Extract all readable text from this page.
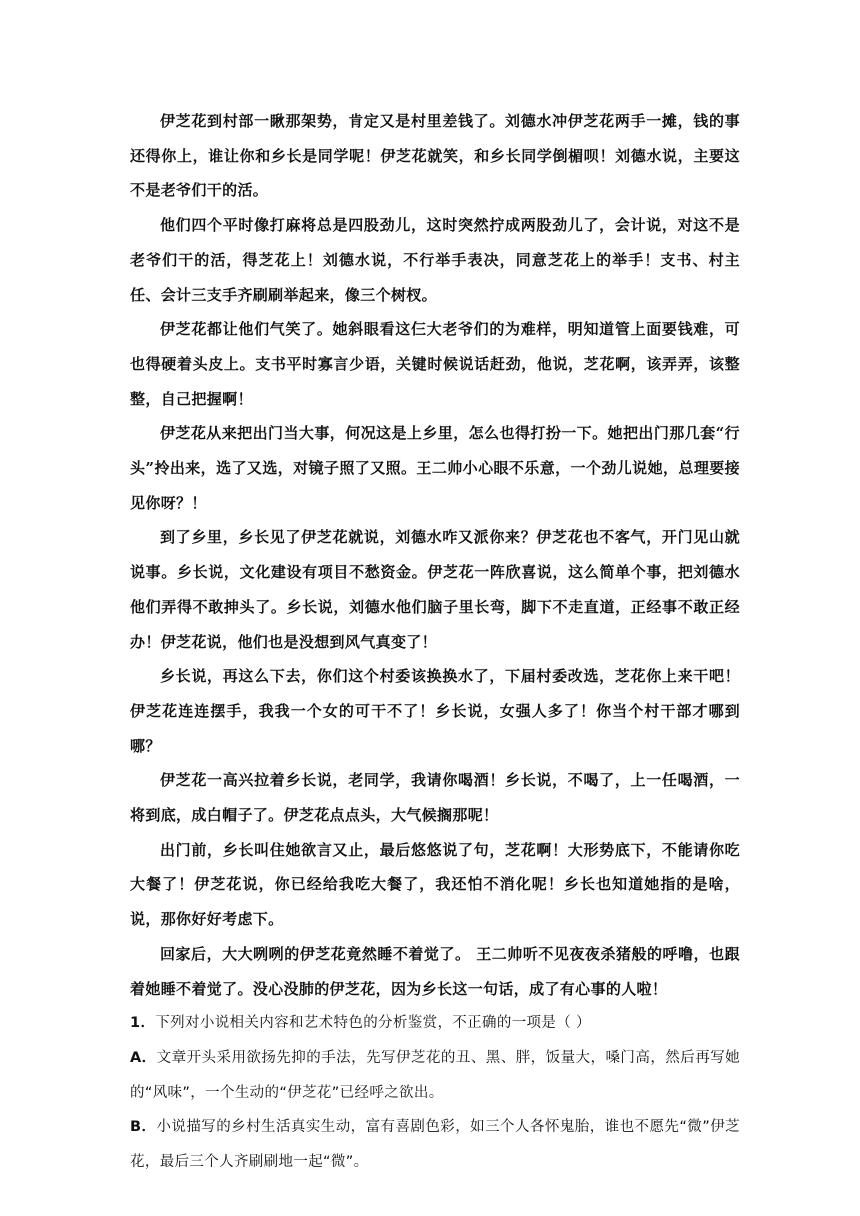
伊芝花到村部一瞅那架势，肯定又是村里差钱了。刘德水冲伊芝花两手一摊，钱的事还得你上，谁让你和乡长是同学呢！伊芝花就笑，和乡长同学倒楣呗！刘德水说，主要这不是老爷们干的活。

他们四个平时像打麻将总是四股劲儿，这时突然拧成两股劲儿了，会计说，对这不是老爷们干的活，得芝花上！刘德水说，不行举手表决，同意芝花上的举手！支书、村主任、会计三支手齐刷刷举起来，像三个树杈。

伊芝花都让他们气笑了。她斜眼看这仨大老爷们的为难样，明知道管上面要钱难，可也得硬着头皮上。支书平时寡言少语，关键时候说话赶劲，他说，芝花啊，该弄弄，该整整，自己把握啊！

伊芝花从来把出门当大事，何况这是上乡里，怎么也得打扮一下。她把出门那几套“行头”拎出来，选了又选，对镜子照了又照。王二帅小心眼不乐意，一个劲儿说她，总理要接见你呀？！

到了乡里，乡长见了伊芝花就说，刘德水咋又派你来？伊芝花也不客气，开门见山就说事。乡长说，文化建设有项目不愁资金。伊芝花一阵欣喜说，这么简单个事，把刘德水他们弄得不敢抻头了。乡长说，刘德水他们脑子里长弯，脚下不走直道，正经事不敢正经办！伊芝花说，他们也是没想到风气真变了！

乡长说，再这么下去，你们这个村委该换换水了，下届村委改选，芝花你上来干吧！伊芝花连连摆手，我我一个女的可干不了！乡长说，女强人多了！你当个村干部才哪到哪？

伊芝花一高兴拉着乡长说，老同学，我请你喝酒！乡长说，不喝了，上一任喝酒，一将到底，成白帽子了。伊芝花点点头，大气候搁那呢！

出门前，乡长叫住她欲言又止，最后悠悠说了句，芝花啊！大形势底下，不能请你吃大餐了！伊芝花说，你已经给我吃大餐了，我还怕不消化呢！乡长也知道她指的是啥，说，那你好好考虑下。

回家后，大大咧咧的伊芝花竟然睡不着觉了。 王二帅听不见夜夜杀猪般的呼噜，也跟着她睡不着觉了。没心没肺的伊芝花，因为乡长这一句话，成了有心事的人啦！

1．下列对小说相关内容和艺术特色的分析鉴赏，不正确的一项是（ ）

A．文章开头采用欲扬先抑的手法，先写伊芝花的丑、黑、胖，饭量大，嗓门高，然后再写她的“风味”，一个生动的“伊芝花”已经呼之欲出。

B．小说描写的乡村生活真实生动，富有喜剧色彩，如三个人各怀鬼胎，谁也不愿先“微”伊芝花，最后三个人齐刷刷地一起“微”。
